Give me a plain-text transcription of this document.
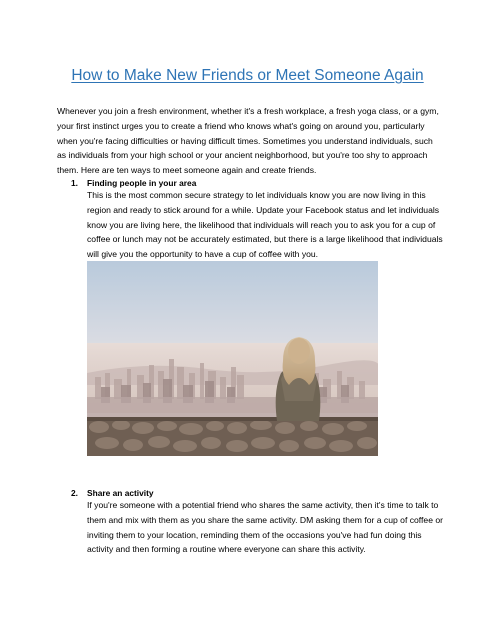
How to Make New Friends or Meet Someone Again

Whenever you join a fresh environment, whether it's a fresh workplace, a fresh yoga class, or a gym, your first instinct urges you to create a friend who knows what's going on around you, particularly when you're facing difficulties or having difficult times. Sometimes you understand individuals, such as individuals from your high school or your ancient neighborhood, but you're too shy to approach them. Here are ten ways to meet someone again and create friends.

1. Finding people in your area

This is the most common secure strategy to let individuals know you are now living in this region and ready to stick around for a while. Update your Facebook status and let individuals know you are living here, the likelihood that individuals will reach you to ask you for a cup of coffee or lunch may not be accurately estimated, but there is a large likelihood that individuals will give you the opportunity to have a cup of coffee with you.

2. Share an activity

If you're someone with a potential friend who shares the same activity, then it's time to talk to them and mix with them as you share the same activity. DM asking them for a cup of coffee or inviting them to your location, reminding them of the occasions you've had fun doing this activity and then forming a routine where everyone can share this activity.
